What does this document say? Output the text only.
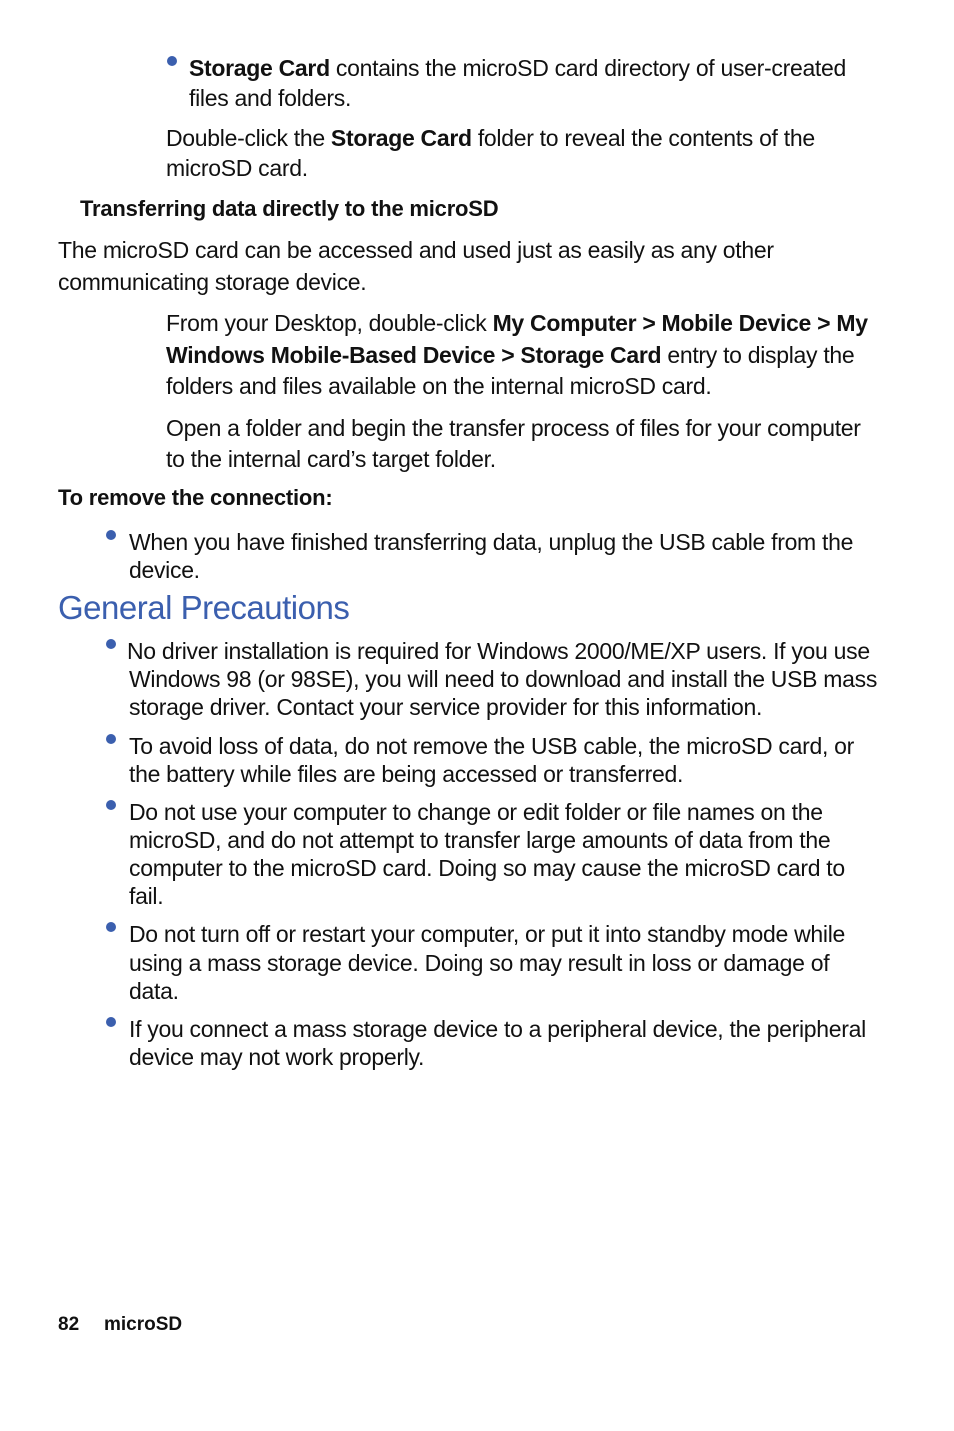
Storage Card contains the microSD card directory of user-created

files and folders.

Double-click the Storage Card folder to reveal the contents of the

microSD card.

Transferring data directly to the microSD

The microSD card can be accessed and used just as easily as any other

communicating storage device.

From your Desktop, double-click My Computer > Mobile Device > My

Windows Mobile-Based Device > Storage Card entry to display the

folders and files available on the internal microSD card.

Open a folder and begin the transfer process of files for your computer

to the internal card’s target folder.

To remove the connection:

When you have finished transferring data, unplug the USB cable from the

device.

General Precautions

No driver installation is required for Windows 2000/ME/XP users. If you use

Windows 98 (or 98SE), you will need to download and install the USB mass

storage driver. Contact your service provider for this information.

To avoid loss of data, do not remove the USB cable, the microSD card, or

the battery while files are being accessed or transferred.

Do not use your computer to change or edit folder or file names on the

microSD, and do not attempt to transfer large amounts of data from the

computer to the microSD card. Doing so may cause the microSD card to

fail.

Do not turn off or restart your computer, or put it into standby mode while

using a mass storage device. Doing so may result in loss or damage of

data.

If you connect a mass storage device to a peripheral device, the peripheral

device may not work properly.

82 microSD
